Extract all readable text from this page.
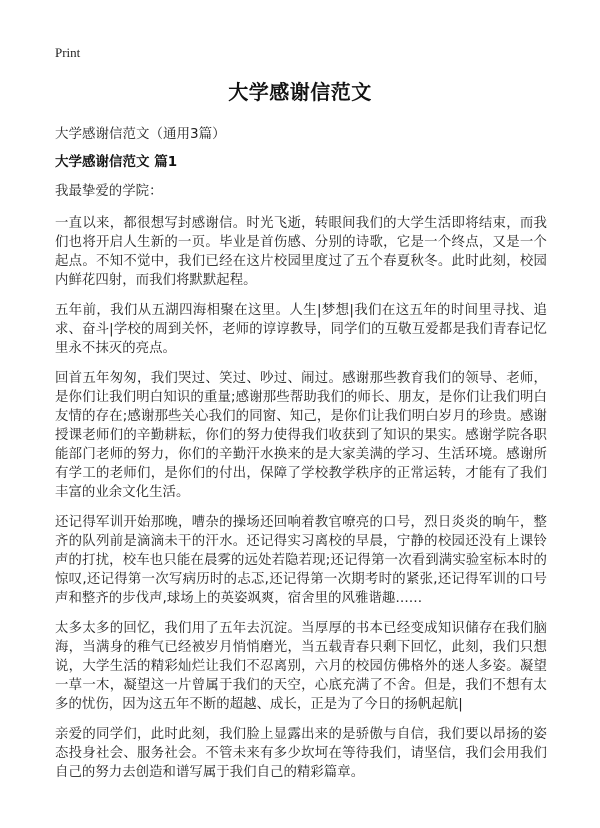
Print
大学感谢信范文
大学感谢信范文（通用3篇）
大学感谢信范文 篇1

我最挚爱的学院：

一直以来，都很想写封感谢信。时光飞逝，转眼间我们的大学生活即将结束，而我们也将开启人生新的一页。毕业是首伤感、分别的诗歌，它是一个终点，又是一个起点。不知不觉中，我们已经在这片校园里度过了五个春夏秋冬。此时此刻，校园内鲜花四射，而我们将默默起程。

五年前，我们从五湖四海相聚在这里。人生|梦想|我们在这五年的时间里寻找、追求、奋斗|学校的周到关怀，老师的谆谆教导，同学们的互敬互爱都是我们青春记忆里永不抹灭的亮点。

回首五年匆匆，我们哭过、笑过、吵过、闹过。感谢那些教育我们的领导、老师，是你们让我们明白知识的重量;感谢那些帮助我们的师长、朋友，是你们让我们明白友情的存在;感谢那些关心我们的同窗、知己，是你们让我们明白岁月的珍贵。感谢授课老师们的辛勤耕耘，你们的努力使得我们收获到了知识的果实。感谢学院各职能部门老师的努力，你们的辛勤汗水换来的是大家美满的学习、生活环境。感谢所有学工的老师们，是你们的付出，保障了学校教学秩序的正常运转，才能有了我们丰富的业余文化生活。

还记得军训开始那晚，嘈杂的操场还回响着教官嘹亮的口号，烈日炎炎的晌午，整齐的队列前是滴滴未干的汗水。还记得实习离校的早晨，宁静的校园还没有上课铃声的打扰，校车也只能在晨雾的远处若隐若现;还记得第一次看到满实验室标本时的惊叹,还记得第一次写病历时的忐忑,还记得第一次期考时的紧张,还记得军训的口号声和整齐的步伐声,球场上的英姿飒爽，宿舍里的风雅谐趣……

太多太多的回忆，我们用了五年去沉淀。当厚厚的书本已经变成知识储存在我们脑海，当满身的稚气已经被岁月悄悄磨光，当五载青春只剩下回忆，此刻，我们只想说，大学生活的精彩灿烂让我们不忍离别，六月的校园仿佛格外的迷人多姿。凝望一草一木，凝望这一片曾属于我们的天空，心底充满了不舍。但是，我们不想有太多的忧伤，因为这五年不断的超越、成长，正是为了今日的扬帆起航|

亲爱的同学们，此时此刻，我们脸上显露出来的是骄傲与自信，我们要以昂扬的姿态投身社会、服务社会。不管未来有多少坎坷在等待我们，请坚信，我们会用我们自己的努力去创造和谱写属于我们自己的精彩篇章。
